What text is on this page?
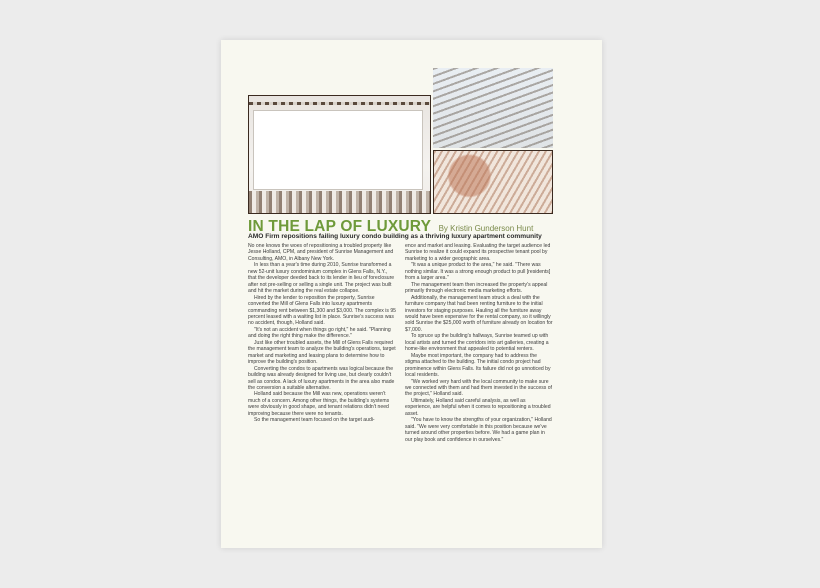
IN THE LAP OF LUXURY By Kristin Gunderson Hunt
AMO Firm repositions failing luxury condo building as a thriving luxury apartment community

No one knows the woes of repositioning a troubled property like Jesse Holland, CPM, and president of Sunrise Management and Consulting, AMO, in Albany New York.

In less than a year's time during 2010, Sunrise transformed a new 52-unit luxury condominium complex in Glens Falls, N.Y., that the developer deeded back to its lender in lieu of foreclosure after not pre-selling or selling a single unit. The project was built and hit the market during the real estate collapse.

Hired by the lender to reposition the property, Sunrise converted the Mill of Glens Falls into luxury apartments commanding rent between $1,300 and $3,000. The complex is 95 percent leased with a waiting list in place. Sunrise's success was no accident, though, Holland said.

"It's not an accident when things go right," he said. "Planning and doing the right thing make the difference."

Just like other troubled assets, the Mill of Glens Falls required the management team to analyze the building's operations, target market and marketing and leasing plans to determine how to improve the building's position.

Converting the condos to apartments was logical because the building was already designed for living use, but clearly couldn't sell as condos. A lack of luxury apartments in the area also made the conversion a suitable alternative.

Holland said because the Mill was new, operations weren't much of a concern. Among other things, the building's systems were obviously in good shape, and tenant relations didn't need improving because there were no tenants.

So the management team focused on the target audi-

ence and market and leasing. Evaluating the target audience led Sunrise to realize it could expand its prospective tenant pool by marketing to a wider geographic area.

"It was a unique product to the area," he said. "There was nothing similar. It was a strong enough product to pull [residents] from a larger area."

The management team then increased the property's appeal primarily through electronic media marketing efforts.

Additionally, the management team struck a deal with the furniture company that had been renting furniture to the initial investors for staging purposes. Hauling all the furniture away would have been expensive for the rental company, so it willingly sold Sunrise the $25,000 worth of furniture already on location for $7,000.

To spruce up the building's hallways, Sunrise teamed up with local artists and turned the corridors into art galleries, creating a home-like environment that appealed to potential renters.

Maybe most important, the company had to address the stigma attached to the building. The initial condo project had prominence within Glens Falls. Its failure did not go unnoticed by local residents.

"We worked very hard with the local community to make sure we connected with them and had them invested in the success of the project," Holland said.

Ultimately, Holland said careful analysis, as well as experience, are helpful when it comes to repositioning a troubled asset.

"You have to know the strengths of your organization," Holland said. "We were very comfortable in this position because we've turned around other properties before. We had a game plan in our play book and confidence in ourselves."
